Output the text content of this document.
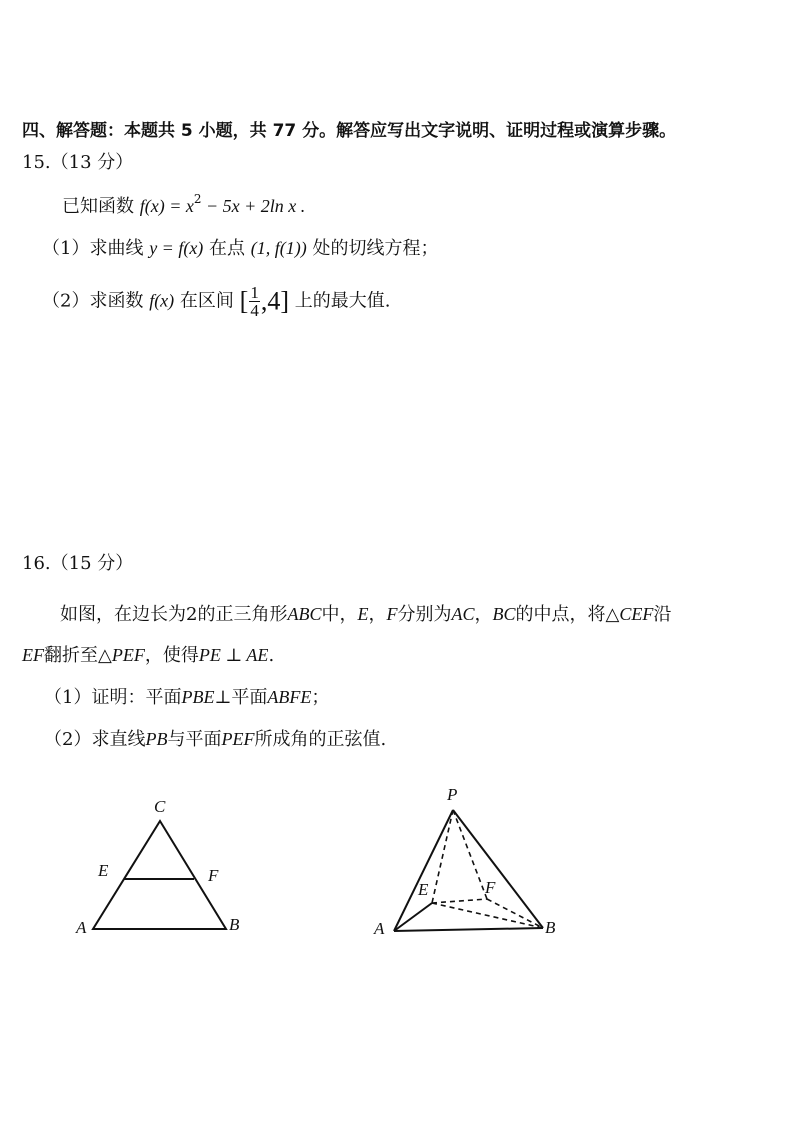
四、解答题：本题共 5 小题，共 77 分。解答应写出文字说明、证明过程或演算步骤。
15.（13 分）
已知函数 $f(x) = x^2 - 5x + 2\ln$ x .
（1）求曲线 y = f(x) 在点 (1, f(1)) 处的切线方程；
（2）求函数 f(x) 在区间 [ $\frac{1}{4} ,4$] 上的最大值.
16.（15 分）
如图，在边长为2的正三角形ABC中，E，F分别为AC，BC的中点，将△CEF沿
EF翻折至△PEF，使得PE ⊥ AE.
（1）证明：平面PBE⊥平面ABFE；
（2）求直线PB与平面PEF所成角的正弦值.
C
E	F
A	B
P
E	F
A	B
